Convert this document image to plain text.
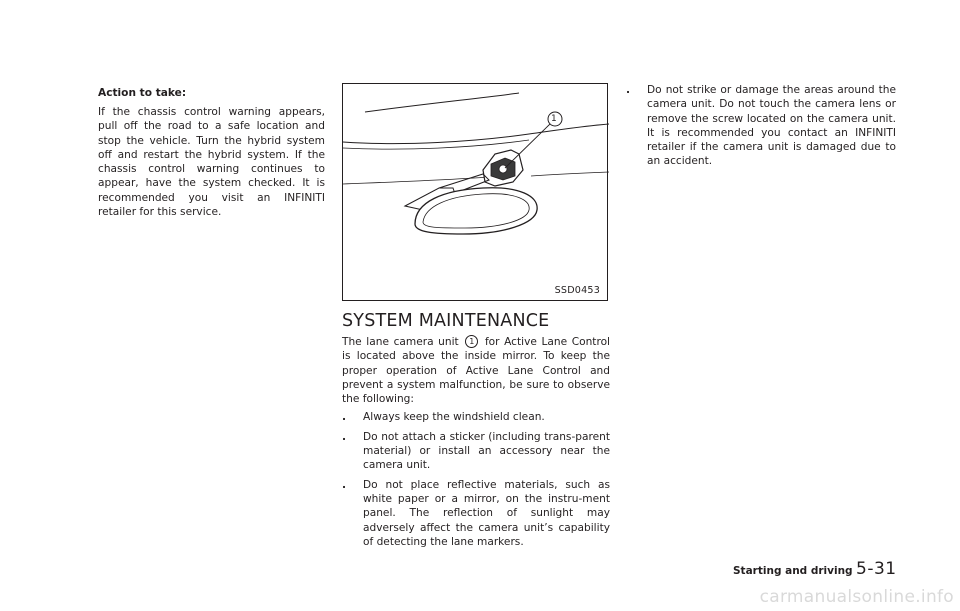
Action to take:

If the chassis control warning appears, pull off the road to a safe location and stop the vehicle. Turn the hybrid system off and restart the hybrid system. If the chassis control warning continues to appear, have the system checked. It is recommended you visit an INFINITI retailer for this service.

1
SSD0453
SYSTEM MAINTENANCE

The lane camera unit 1 for Active Lane Control is located above the inside mirror. To keep the proper operation of Active Lane Control and prevent a system malfunction, be sure to observe the following:

. Always keep the windshield clean.
. Do not attach a sticker (including trans-parent material) or install an accessory near the camera unit.
. Do not place reflective materials, such as white paper or a mirror, on the instru-ment panel. The reflection of sunlight may adversely affect the camera unit’s capability of detecting the lane markers.
. Do not strike or damage the areas around the camera unit. Do not touch the camera lens or remove the screw located on the camera unit. It is recommended you contact an INFINITI retailer if the camera unit is damaged due to an accident.
Starting and driving 5-31
carmanualsonline.info
